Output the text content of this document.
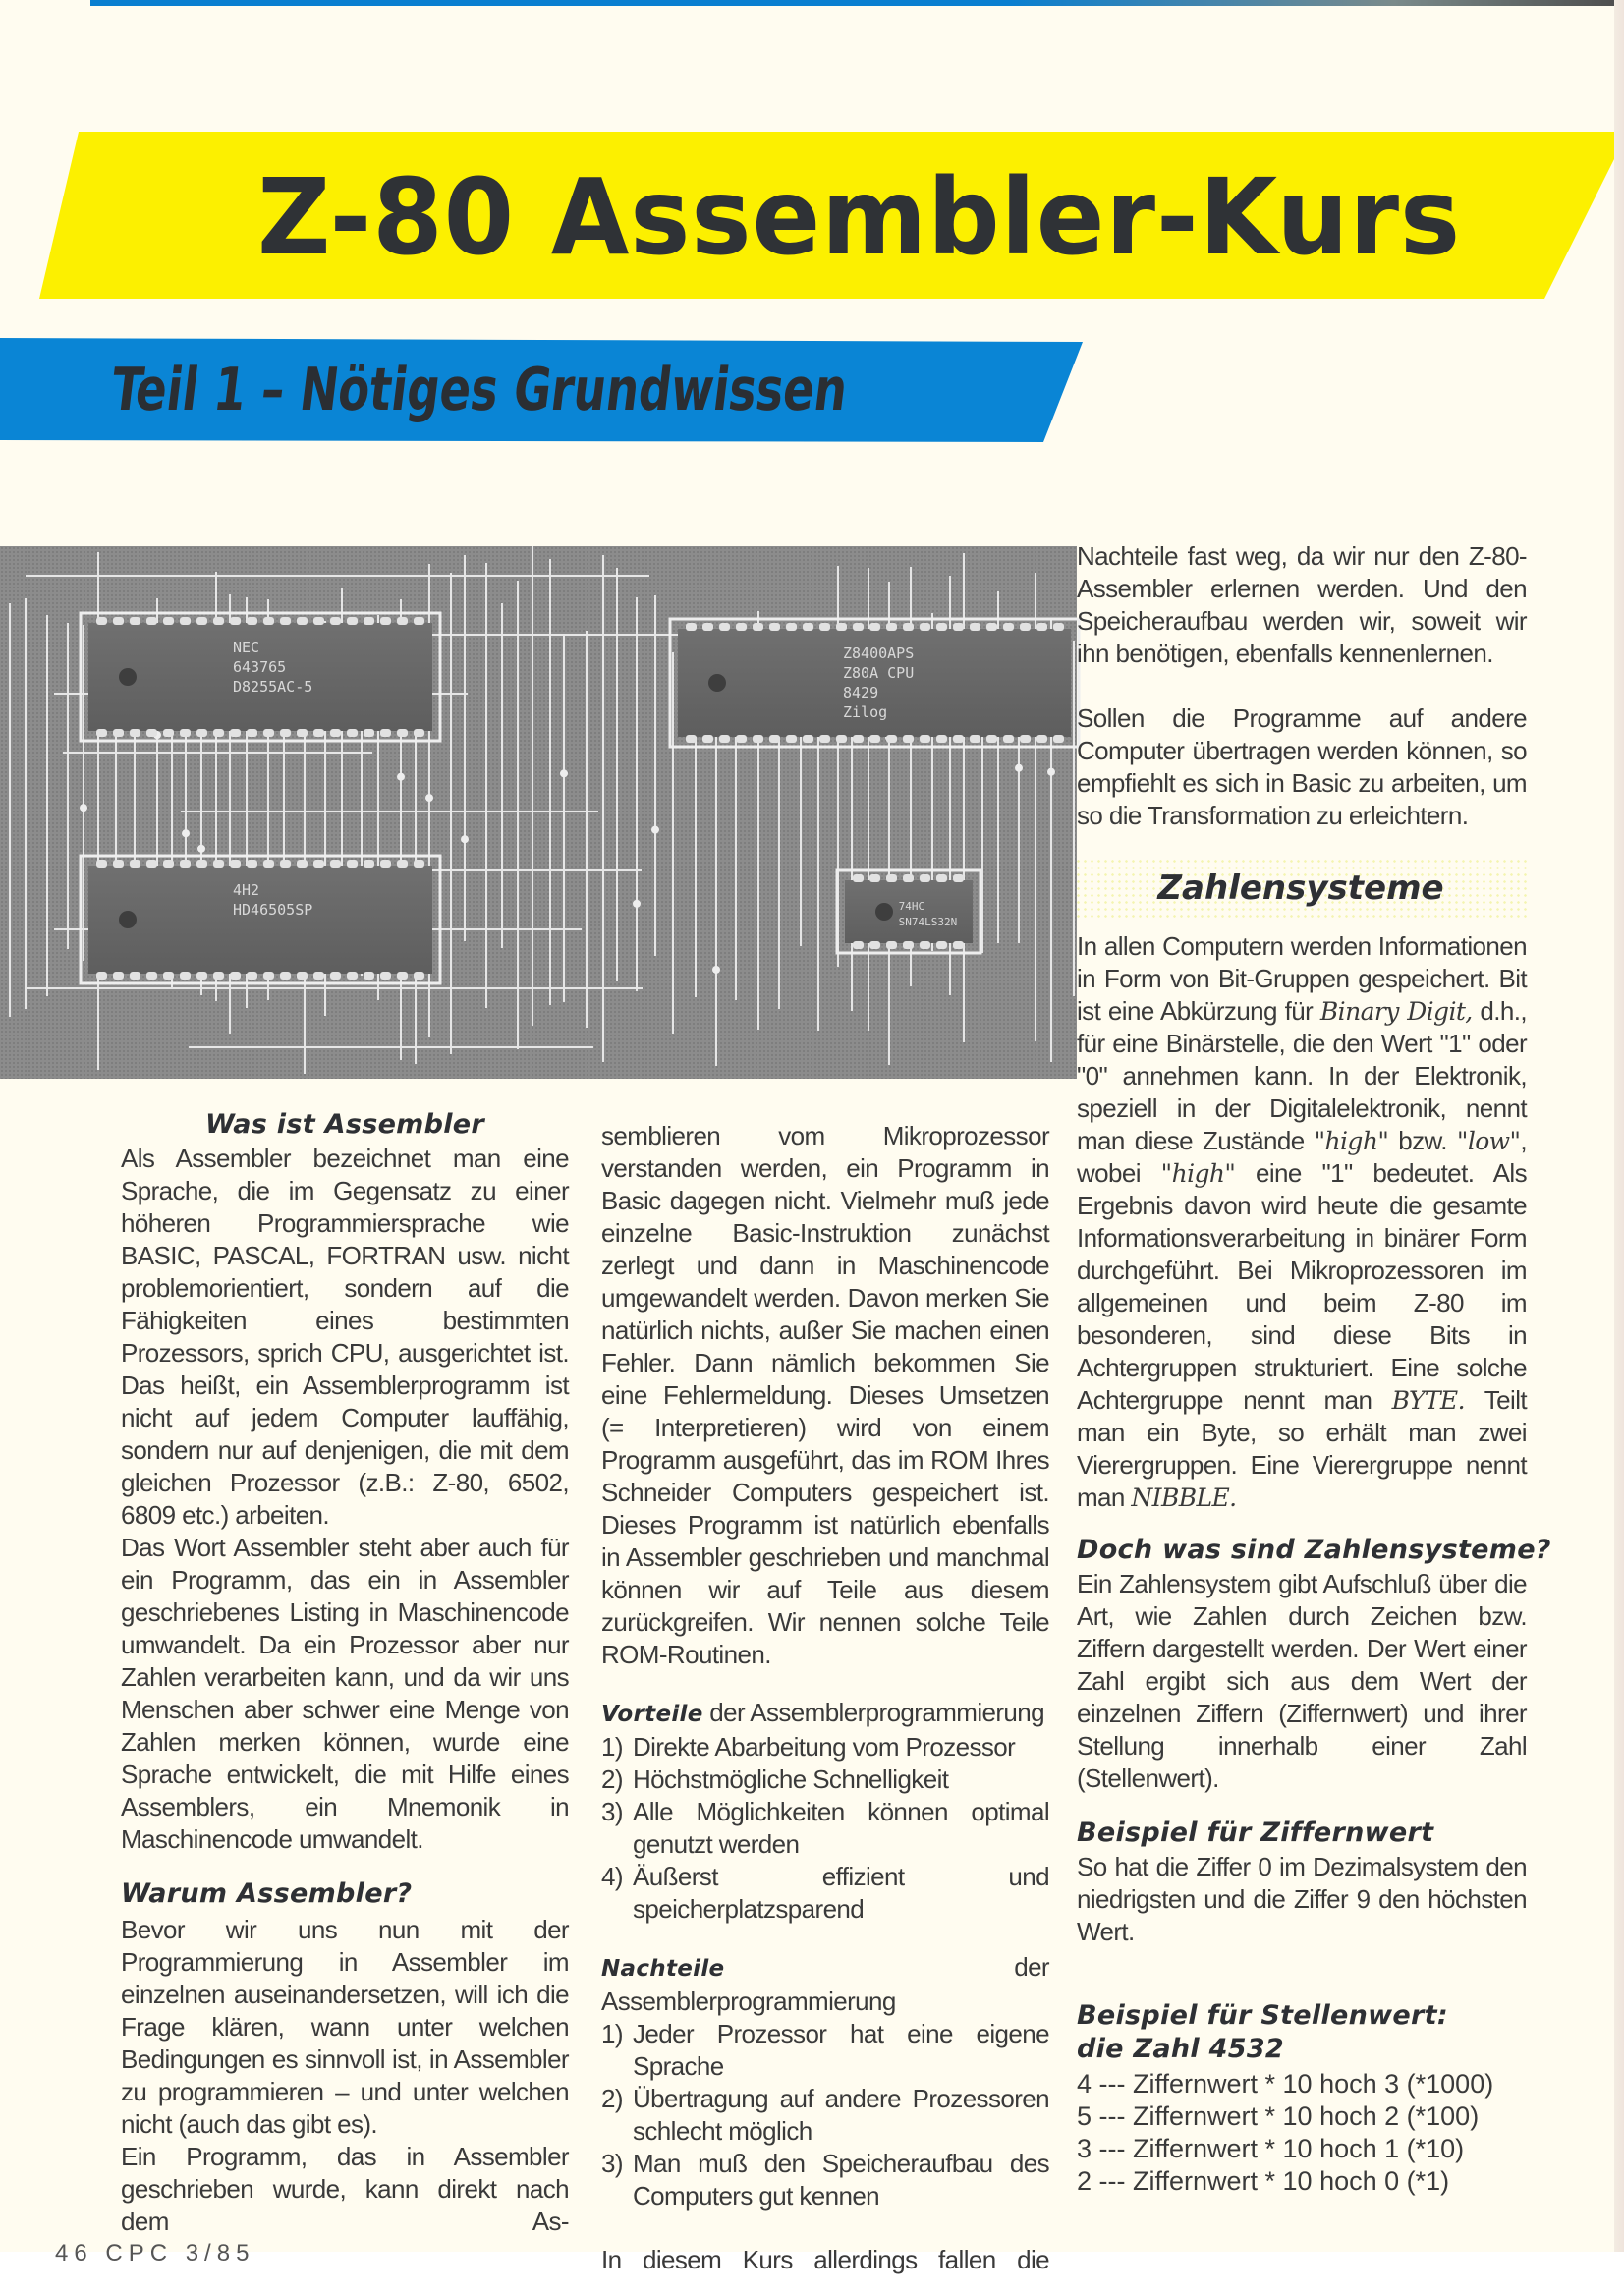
Z-80 Assembler-Kurs
Teil 1 – Nötiges Grundwissen
NEC
643765
D8255AC-5
Z8400APS
Z80A CPU
8429
Zilog
4H2
HD46505SP	74HC
SN74LS32N
Was ist Assembler

Als Assembler bezeichnet man eine Sprache, die im Gegensatz zu einer höheren Programmiersprache wie BASIC, PASCAL, FORTRAN usw. nicht problemorientiert, sondern auf die Fähigkeiten eines bestimmten Prozessors, sprich CPU, ausgerichtet ist. Das heißt, ein Assemblerprogramm ist nicht auf jedem Computer lauffähig, sondern nur auf denjenigen, die mit dem gleichen Prozessor (z.B.: Z-80, 6502, 6809 etc.) arbeiten.

Das Wort Assembler steht aber auch für ein Programm, das ein in Assembler geschriebenes Listing in Maschinencode umwandelt. Da ein Prozessor aber nur Zahlen verarbeiten kann, und da wir uns Menschen aber schwer eine Menge von Zahlen merken können, wurde eine Sprache entwickelt, die mit Hilfe eines Assemblers, ein Mnemonik in Maschinencode umwandelt.

Warum Assembler?

Bevor wir uns nun mit der Programmierung in Assembler im einzelnen auseinandersetzen, will ich die Frage klären, wann unter welchen Bedingungen es sinnvoll ist, in Assembler zu programmieren – und unter welchen nicht (auch das gibt es).

Ein Programm, das in Assembler geschrieben wurde, kann direkt nach dem As-

semblieren vom Mikroprozessor verstanden werden, ein Programm in Basic dagegen nicht. Vielmehr muß jede einzelne Basic-Instruktion zunächst zerlegt und dann in Maschinencode umgewandelt werden. Davon merken Sie natürlich nichts, außer Sie machen einen Fehler. Dann nämlich bekommen Sie eine Fehlermeldung. Dieses Umsetzen (= Interpretieren) wird von einem Programm ausgeführt, das im ROM Ihres Schneider Computers gespeichert ist. Dieses Programm ist natürlich ebenfalls in Assembler geschrieben und manchmal können wir auf Teile aus diesem zurückgreifen. Wir nennen solche Teile ROM-Routinen.

Vorteile der Assemblerprogrammierung
1) Direkte Abarbeitung vom Prozessor
2) Höchstmögliche Schnelligkeit
3) Alle Möglichkeiten können optimal genutzt werden
4) Äußerst effizient und speicherplatzsparend
Nachteile der Assemblerprogrammierung
1) Jeder Prozessor hat eine eigene Sprache
2) Übertragung auf andere Prozessoren schlecht möglich
3) Man muß den Speicheraufbau des Computers gut kennen

In diesem Kurs allerdings fallen die

Nachteile fast weg, da wir nur den Z-80-Assembler erlernen werden. Und den Speicheraufbau werden wir, soweit wir ihn benötigen, ebenfalls kennenlernen.

Sollen die Programme auf andere Computer übertragen werden können, so empfiehlt es sich in Basic zu arbeiten, um so die Transformation zu erleichtern.

Zahlensysteme

In allen Computern werden Informationen in Form von Bit-Gruppen gespeichert. Bit ist eine Abkürzung für Binary Digit, d.h., für eine Binärstelle, die den Wert "1" oder "0" annehmen kann. In der Elektronik, speziell in der Digitalelektronik, nennt man diese Zustände "high" bzw. "low", wobei "high" eine "1" bedeutet. Als Ergebnis davon wird heute die gesamte Informationsverarbeitung in binärer Form durchgeführt. Bei Mikroprozessoren im allgemeinen und beim Z-80 im besonderen, sind diese Bits in Achtergruppen strukturiert. Eine solche Achtergruppe nennt man BYTE. Teilt man ein Byte, so erhält man zwei Vierergruppen. Eine Vierergruppe nennt man NIBBLE.

Doch was sind Zahlensysteme?

Ein Zahlensystem gibt Aufschluß über die Art, wie Zahlen durch Zeichen bzw. Ziffern dargestellt werden. Der Wert einer Zahl ergibt sich aus dem Wert der einzelnen Ziffern (Ziffernwert) und ihrer Stellung innerhalb einer Zahl (Stellenwert).

Beispiel für Ziffernwert

So hat die Ziffer 0 im Dezimalsystem den niedrigsten und die Ziffer 9 den höchsten Wert.

Beispiel für Stellenwert:
die Zahl 4532
4 --- Ziffernwert * 10 hoch 3 (*1000)
5 --- Ziffernwert * 10 hoch 2 (*100)
3 --- Ziffernwert * 10 hoch 1 (*10)
2 --- Ziffernwert * 10 hoch 0 (*1)
46 CPC 3/85
